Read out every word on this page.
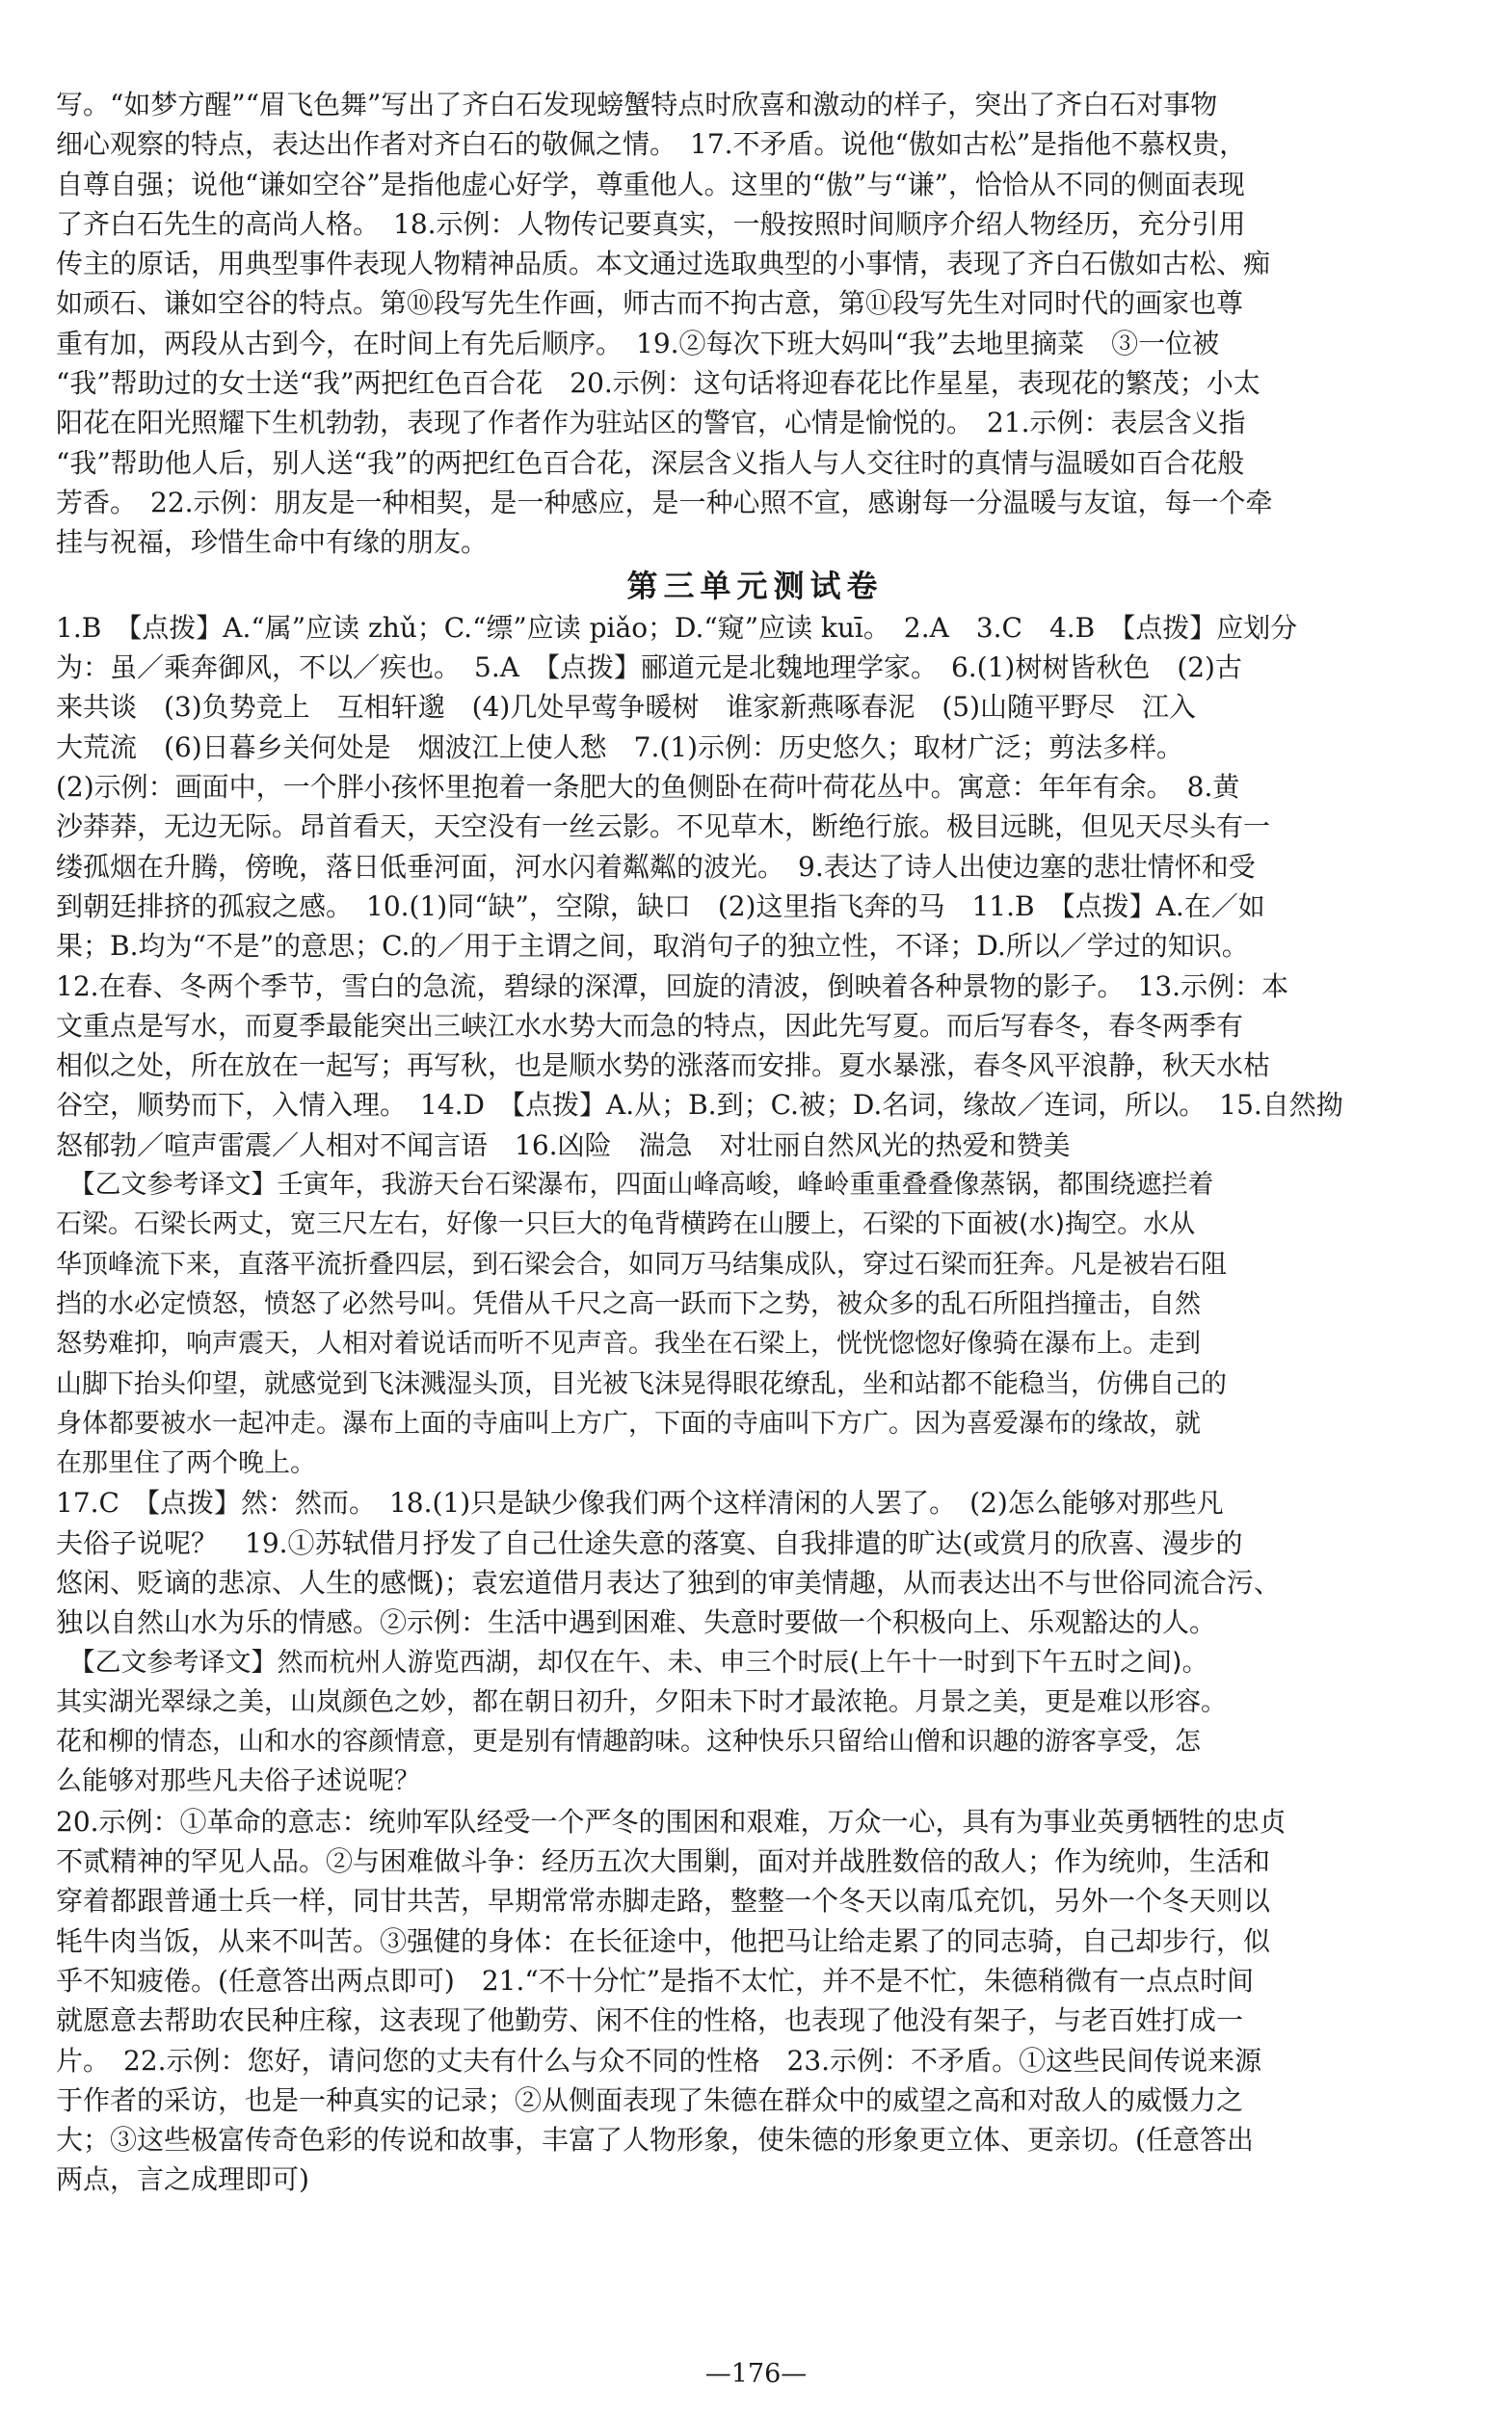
写。“如梦方醒”“眉飞色舞”写出了齐白石发现螃蟹特点时欣喜和激动的样子，突出了齐白石对事物
细心观察的特点，表达出作者对齐白石的敬佩之情。　17.不矛盾。说他“傲如古松”是指他不慕权贵，
自尊自强；说他“谦如空谷”是指他虚心好学，尊重他人。这里的“傲”与“谦”，恰恰从不同的侧面表现
了齐白石先生的高尚人格。　18.示例：人物传记要真实，一般按照时间顺序介绍人物经历，充分引用
传主的原话，用典型事件表现人物精神品质。本文通过选取典型的小事情，表现了齐白石傲如古松、痴
如顽石、谦如空谷的特点。第⑩段写先生作画，师古而不拘古意，第⑪段写先生对同时代的画家也尊
重有加，两段从古到今，在时间上有先后顺序。　19.②每次下班大妈叫“我”去地里摘菜　③一位被
“我”帮助过的女士送“我”两把红色百合花　20.示例：这句话将迎春花比作星星，表现花的繁茂；小太
阳花在阳光照耀下生机勃勃，表现了作者作为驻站区的警官，心情是愉悦的。　21.示例：表层含义指
“我”帮助他人后，别人送“我”的两把红色百合花，深层含义指人与人交往时的真情与温暖如百合花般
芳香。　22.示例：朋友是一种相契，是一种感应，是一种心照不宣，感谢每一分温暖与友谊，每一个牵
挂与祝福，珍惜生命中有缘的朋友。
第三单元测试卷
1.B　【点拨】A.“属”应读 zhǔ；C.“缥”应读 piǎo；D.“窥”应读 kuī。　2.A　3.C　4.B　【点拨】应划分
为：虽／乘奔御风，不以／疾也。　5.A　【点拨】郦道元是北魏地理学家。　6.(1)树树皆秋色　(2)古
来共谈　(3)负势竞上　互相轩邈　(4)几处早莺争暖树　谁家新燕啄春泥　(5)山随平野尽　江入
大荒流　(6)日暮乡关何处是　烟波江上使人愁　7.(1)示例：历史悠久；取材广泛；剪法多样。
(2)示例：画面中，一个胖小孩怀里抱着一条肥大的鱼侧卧在荷叶荷花丛中。寓意：年年有余。　8.黄
沙莽莽，无边无际。昂首看天，天空没有一丝云影。不见草木，断绝行旅。极目远眺，但见天尽头有一
缕孤烟在升腾，傍晚，落日低垂河面，河水闪着粼粼的波光。　9.表达了诗人出使边塞的悲壮情怀和受
到朝廷排挤的孤寂之感。　10.(1)同“缺”，空隙，缺口　(2)这里指飞奔的马　11.B　【点拨】A.在／如
果；B.均为“不是”的意思；C.的／用于主谓之间，取消句子的独立性，不译；D.所以／学过的知识。
12.在春、冬两个季节，雪白的急流，碧绿的深潭，回旋的清波，倒映着各种景物的影子。　13.示例：本
文重点是写水，而夏季最能突出三峡江水水势大而急的特点，因此先写夏。而后写春冬，春冬两季有
相似之处，所在放在一起写；再写秋，也是顺水势的涨落而安排。夏水暴涨，春冬风平浪静，秋天水枯
谷空，顺势而下，入情入理。　14.D　【点拨】A.从；B.到；C.被；D.名词，缘故／连词，所以。　15.自然拗
怒郁勃／喧声雷震／人相对不闻言语　16.凶险　湍急　对壮丽自然风光的热爱和赞美
　【乙文参考译文】壬寅年，我游天台石梁瀑布，四面山峰高峻，峰岭重重叠叠像蒸锅，都围绕遮拦着
石梁。石梁长两丈，宽三尺左右，好像一只巨大的龟背横跨在山腰上，石梁的下面被(水)掏空。水从
华顶峰流下来，直落平流折叠四层，到石梁会合，如同万马结集成队，穿过石梁而狂奔。凡是被岩石阻
挡的水必定愤怒，愤怒了必然号叫。凭借从千尺之高一跃而下之势，被众多的乱石所阻挡撞击，自然
怒势难抑，响声震天，人相对着说话而听不见声音。我坐在石梁上，恍恍惚惚好像骑在瀑布上。走到
山脚下抬头仰望，就感觉到飞沫溅湿头顶，目光被飞沫晃得眼花缭乱，坐和站都不能稳当，仿佛自己的
身体都要被水一起冲走。瀑布上面的寺庙叫上方广，下面的寺庙叫下方广。因为喜爱瀑布的缘故，就
在那里住了两个晚上。
17.C　【点拨】然：然而。　18.(1)只是缺少像我们两个这样清闲的人罢了。　(2)怎么能够对那些凡
夫俗子说呢？　19.①苏轼借月抒发了自己仕途失意的落寞、自我排遣的旷达(或赏月的欣喜、漫步的
悠闲、贬谪的悲凉、人生的感慨)；袁宏道借月表达了独到的审美情趣，从而表达出不与世俗同流合污、
独以自然山水为乐的情感。②示例：生活中遇到困难、失意时要做一个积极向上、乐观豁达的人。
　【乙文参考译文】然而杭州人游览西湖，却仅在午、未、申三个时辰(上午十一时到下午五时之间)。
其实湖光翠绿之美，山岚颜色之妙，都在朝日初升，夕阳未下时才最浓艳。月景之美，更是难以形容。
花和柳的情态，山和水的容颜情意，更是别有情趣韵味。这种快乐只留给山僧和识趣的游客享受，怎
么能够对那些凡夫俗子述说呢？
20.示例：①革命的意志：统帅军队经受一个严冬的围困和艰难，万众一心，具有为事业英勇牺牲的忠贞
不贰精神的罕见人品。②与困难做斗争：经历五次大围剿，面对并战胜数倍的敌人；作为统帅，生活和
穿着都跟普通士兵一样，同甘共苦，早期常常赤脚走路，整整一个冬天以南瓜充饥，另外一个冬天则以
牦牛肉当饭，从来不叫苦。③强健的身体：在长征途中，他把马让给走累了的同志骑，自己却步行，似
乎不知疲倦。(任意答出两点即可)　21.“不十分忙”是指不太忙，并不是不忙，朱德稍微有一点点时间
就愿意去帮助农民种庄稼，这表现了他勤劳、闲不住的性格，也表现了他没有架子，与老百姓打成一
片。　22.示例：您好，请问您的丈夫有什么与众不同的性格　23.示例：不矛盾。①这些民间传说来源
于作者的采访，也是一种真实的记录；②从侧面表现了朱德在群众中的威望之高和对敌人的威慑力之
大；③这些极富传奇色彩的传说和故事，丰富了人物形象，使朱德的形象更立体、更亲切。(任意答出
两点，言之成理即可)
—176—
